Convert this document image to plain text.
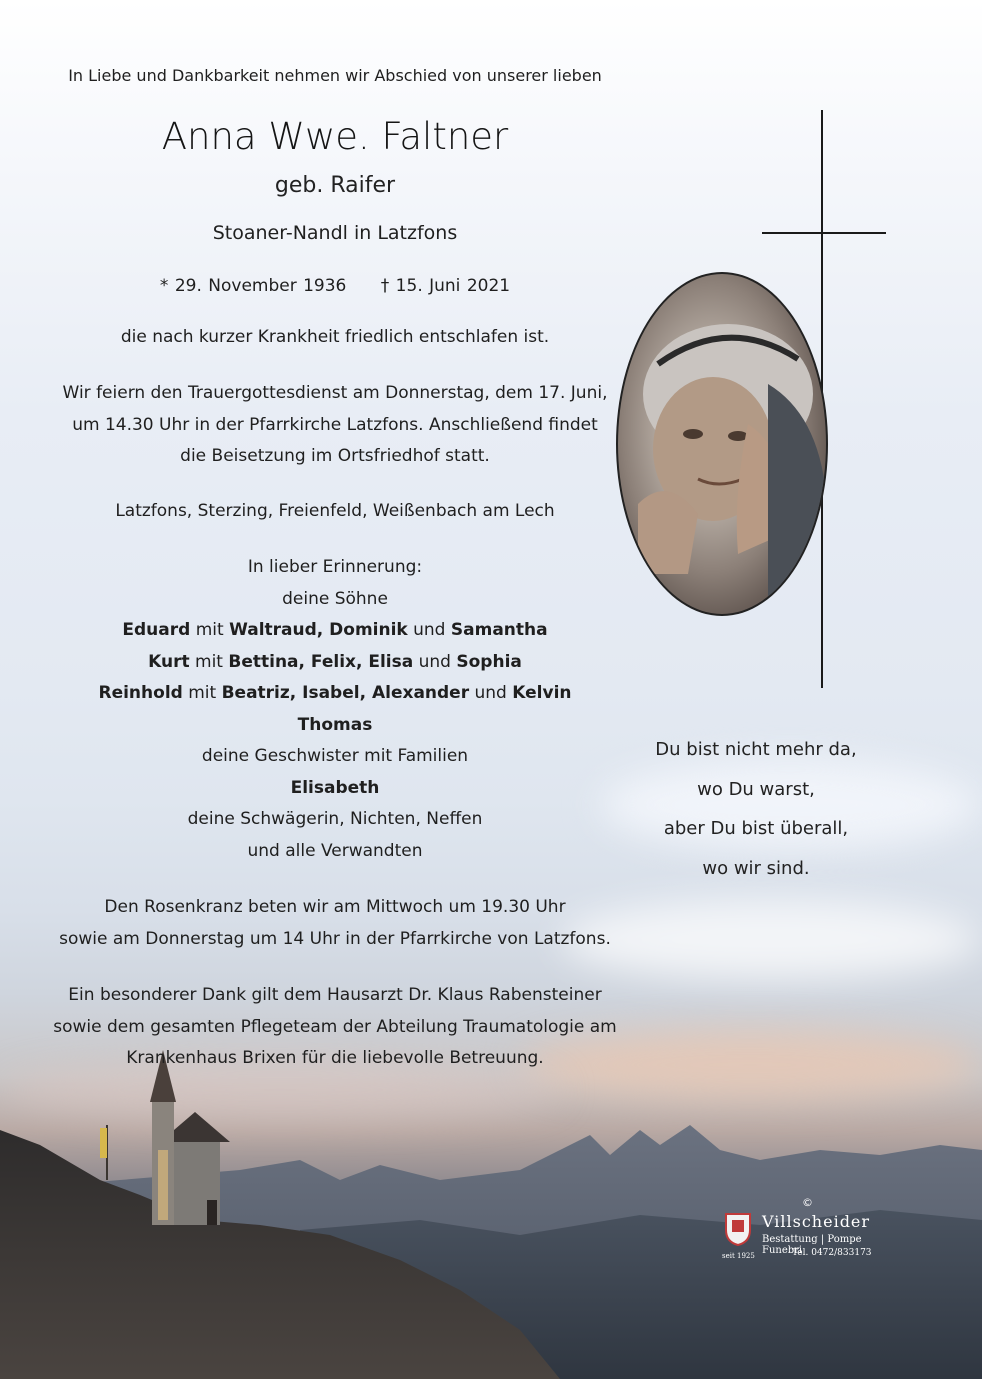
In Liebe und Dankbarkeit nehmen wir Abschied von unserer lieben
Anna Wwe. Faltner
geb. Raifer
Stoaner-Nandl in Latzfons
* 29. November 1936 † 15. Juni 2021
die nach kurzer Krankheit friedlich entschlafen ist.
Wir feiern den Trauergottesdienst am Donnerstag, dem 17. Juni,
um 14.30 Uhr in der Pfarrkirche Latzfons. Anschließend findet
die Beisetzung im Ortsfriedhof statt.
Latzfons, Sterzing, Freienfeld, Weißenbach am Lech
In lieber Erinnerung:
deine Söhne
Eduard mit Waltraud, Dominik und Samantha
Kurt mit Bettina, Felix, Elisa und Sophia
Reinhold mit Beatriz, Isabel, Alexander und Kelvin
Thomas
deine Geschwister mit Familien
Elisabeth
deine Schwägerin, Nichten, Neffen
und alle Verwandten
Den Rosenkranz beten wir am Mittwoch um 19.30 Uhr
sowie am Donnerstag um 14 Uhr in der Pfarrkirche von Latzfons.
Ein besonderer Dank gilt dem Hausarzt Dr. Klaus Rabensteiner
sowie dem gesamten Pflegeteam der Abteilung Traumatologie am
Krankenhaus Brixen für die liebevolle Betreuung.
Du bist nicht mehr da,
wo Du warst,
aber Du bist überall,
wo wir sind.
©
Villscheider
Bestattung | Pompe Funebri
Tel. 0472/833173
seit 1925
